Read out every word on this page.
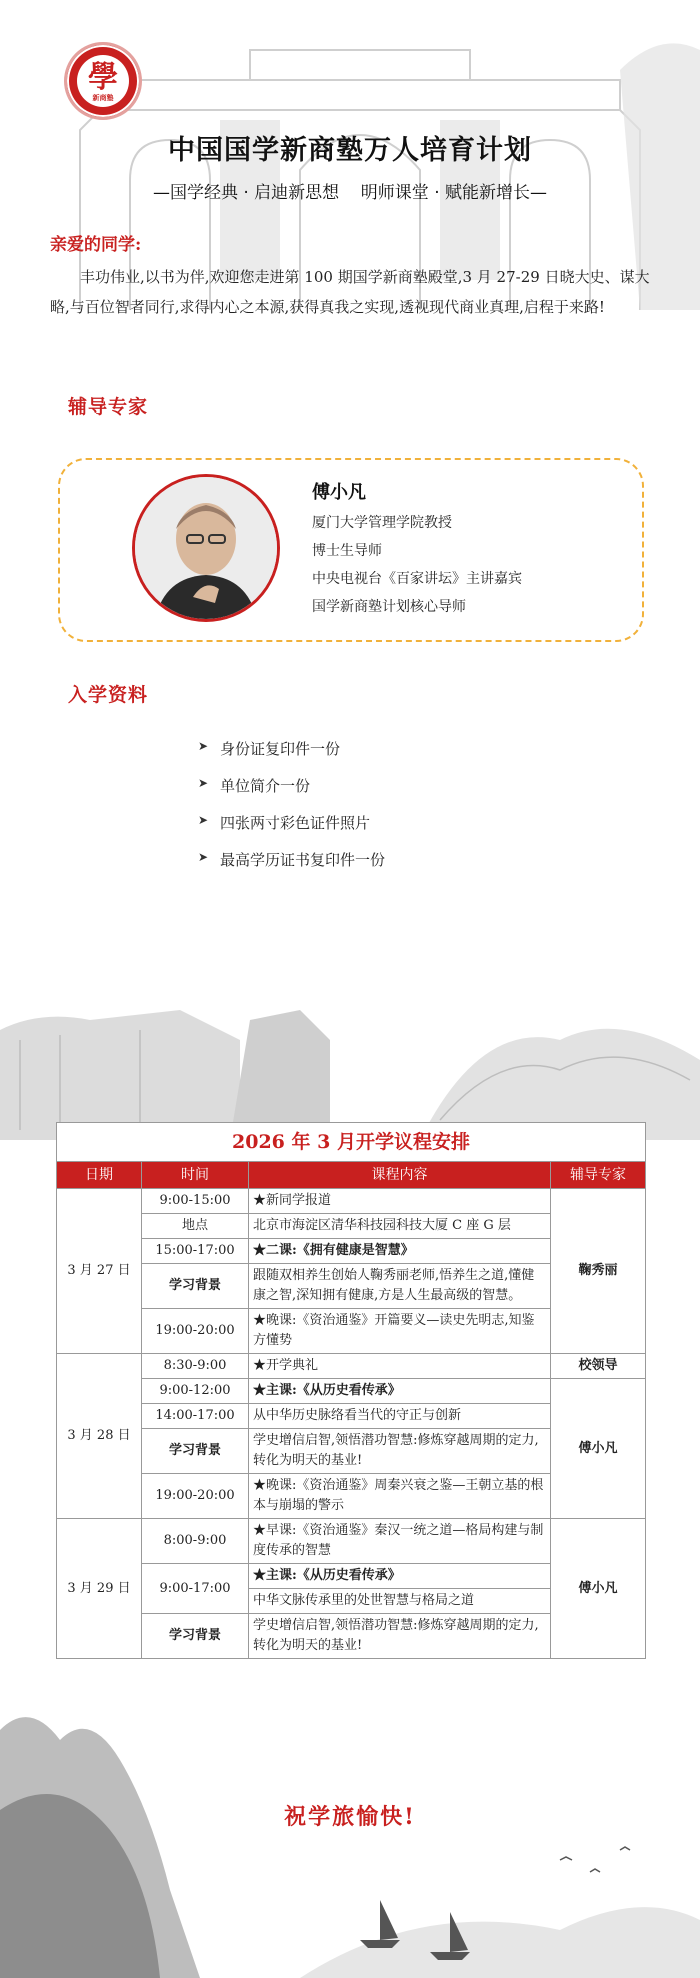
學
新商塾
中国国学新商塾万人培育计划
—国学经典 · 启迪新思想    明师课堂 · 赋能新增长—
亲爱的同学:
丰功伟业,以书为伴,欢迎您走进第 100 期国学新商塾殿堂,3 月 27-29 日晓大史、谋大略,与百位智者同行,求得内心之本源,获得真我之实现,透视现代商业真理,启程于来路!
辅导专家
傅小凡
厦门大学管理学院教授
博士生导师
中央电视台《百家讲坛》主讲嘉宾
国学新商塾计划核心导师
入学资料
➤ 身份证复印件一份
➤ 单位简介一份
➤ 四张两寸彩色证件照片
➤ 最高学历证书复印件一份
2026 年 3 月开学议程安排			
日期	时间	课程内容	辅导专家
3 月 27 日	9:00-15:00	★新同学报道	鞠秀丽
	地点	北京市海淀区清华科技园科技大厦 C 座 G 层	
	15:00-17:00	★二课:《拥有健康是智慧》	
	学习背景	跟随双相养生创始人鞠秀丽老师,悟养生之道,懂健康之智,深知拥有健康,方是人生最高级的智慧。	
	19:00-20:00	★晚课:《资治通鉴》开篇要义—读史先明志,知鉴方懂势	
3 月 28 日	8:30-9:00	★开学典礼	校领导
	9:00-12:00	★主课:《从历史看传承》	傅小凡
	14:00-17:00	从中华历史脉络看当代的守正与创新	
	学习背景	学史增信启智,领悟潜功智慧:修炼穿越周期的定力,转化为明天的基业!	
	19:00-20:00	★晚课:《资治通鉴》周秦兴衰之鉴—王朝立基的根本与崩塌的警示	
3 月 29 日	8:00-9:00	★早课:《资治通鉴》秦汉一统之道—格局构建与制度传承的智慧	傅小凡
	9:00-17:00	★主课:《从历史看传承》	
		中华文脉传承里的处世智慧与格局之道	
	学习背景	学史增信启智,领悟潜功智慧:修炼穿越周期的定力,转化为明天的基业!	
祝学旅愉快!
